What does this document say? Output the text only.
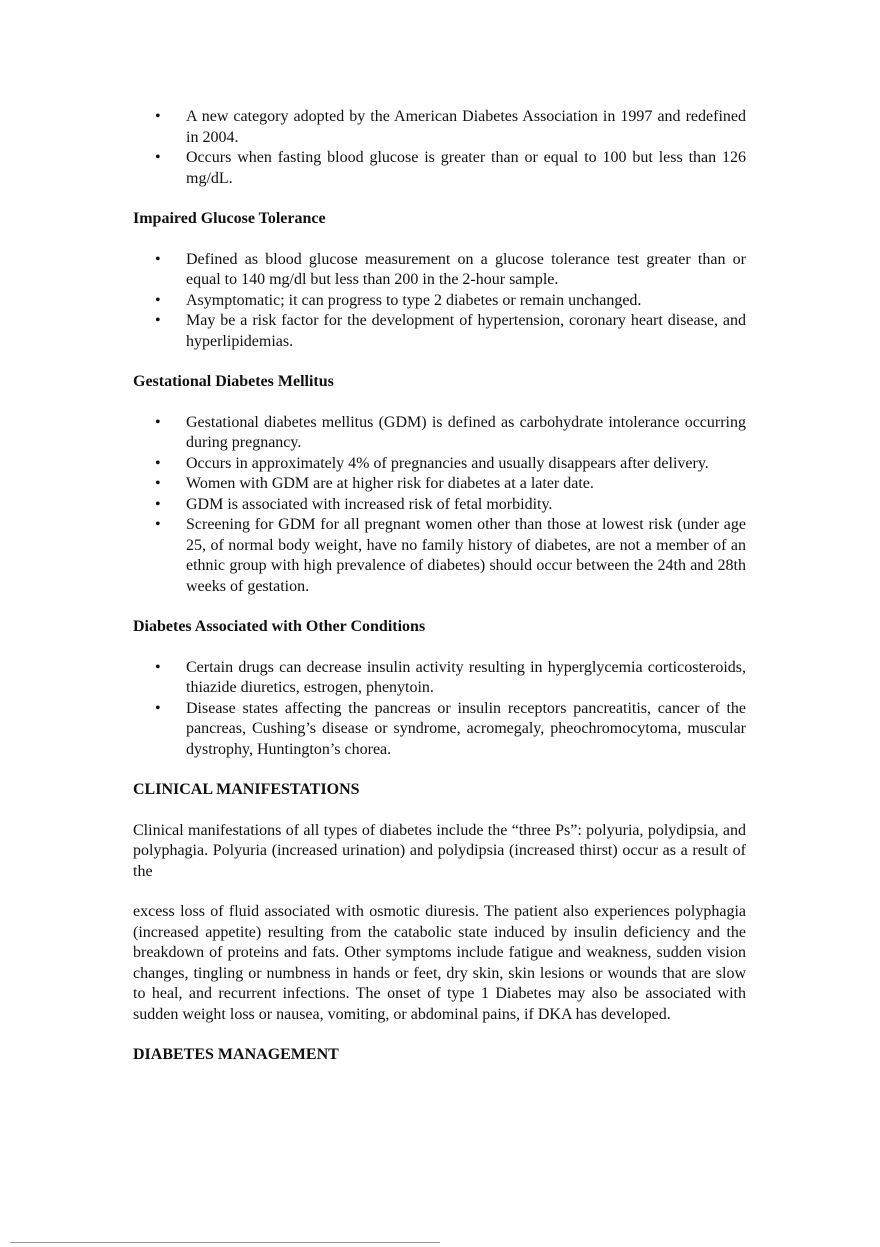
• A new category adopted by the American Diabetes Association in 1997 and redefined in 2004.
• Occurs when fasting blood glucose is greater than or equal to 100 but less than 126 mg/dL.
Impaired Glucose Tolerance
• Defined as blood glucose measurement on a glucose tolerance test greater than or equal to 140 mg/dl but less than 200 in the 2-hour sample.
• Asymptomatic; it can progress to type 2 diabetes or remain unchanged.
• May be a risk factor for the development of hypertension, coronary heart disease, and hyperlipidemias.
Gestational Diabetes Mellitus
• Gestational diabetes mellitus (GDM) is defined as carbohydrate intolerance occurring during pregnancy.
• Occurs in approximately 4% of pregnancies and usually disappears after delivery.
• Women with GDM are at higher risk for diabetes at a later date.
• GDM is associated with increased risk of fetal morbidity.
• Screening for GDM for all pregnant women other than those at lowest risk (under age 25, of normal body weight, have no family history of diabetes, are not a member of an ethnic group with high prevalence of diabetes) should occur between the 24th and 28th weeks of gestation.
Diabetes Associated with Other Conditions
• Certain drugs can decrease insulin activity resulting in hyperglycemia corticosteroids, thiazide diuretics, estrogen, phenytoin.
• Disease states affecting the pancreas or insulin receptors pancreatitis, cancer of the pancreas, Cushing’s disease or syndrome, acromegaly, pheochromocytoma, muscular dystrophy, Huntington’s chorea.
CLINICAL MANIFESTATIONS

Clinical manifestations of all types of diabetes include the “three Ps”: polyuria, polydipsia, and polyphagia. Polyuria (increased urination) and polydipsia (increased thirst) occur as a result of the

excess loss of fluid associated with osmotic diuresis. The patient also experiences polyphagia (increased appetite) resulting from the catabolic state induced by insulin deficiency and the breakdown of proteins and fats. Other symptoms include fatigue and weakness, sudden vision changes, tingling or numbness in hands or feet, dry skin, skin lesions or wounds that are slow to heal, and recurrent infections. The onset of type 1 Diabetes may also be associated with sudden weight loss or nausea, vomiting, or abdominal pains, if DKA has developed.

DIABETES MANAGEMENT
